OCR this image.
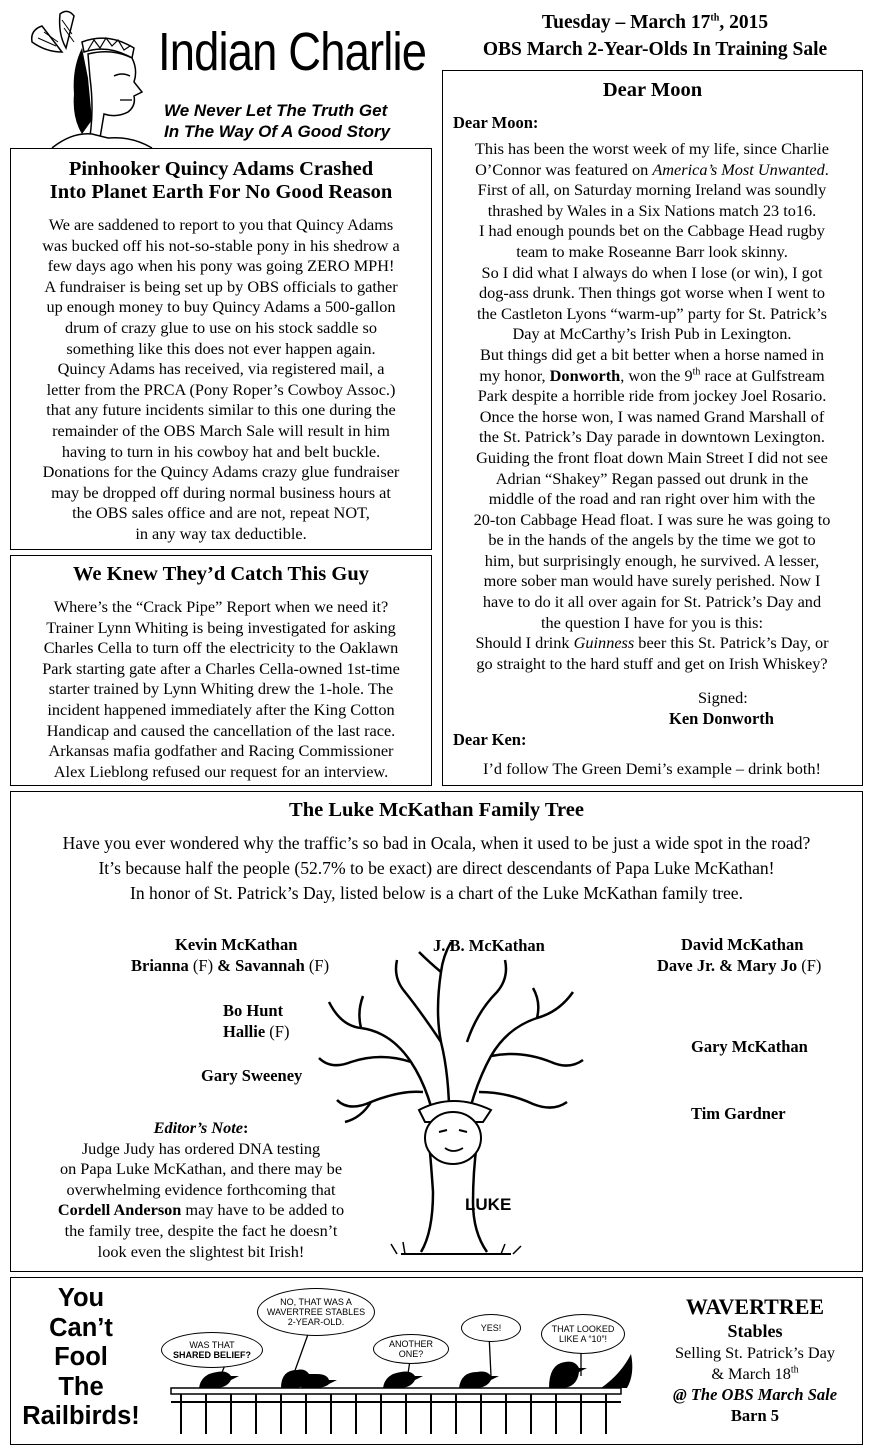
Indian Charlie
We Never Let The Truth Get
In The Way Of A Good Story
Tuesday – March 17th, 2015
OBS March 2-Year-Olds In Training Sale
Pinhooker Quincy Adams Crashed
Into Planet Earth For No Good Reason

We are saddened to report to you that Quincy Adams

was bucked off his not-so-stable pony in his shedrow a

few days ago when his pony was going ZERO MPH!

A fundraiser is being set up by OBS officials to gather

up enough money to buy Quincy Adams a 500-gallon

drum of crazy glue to use on his stock saddle so

something like this does not ever happen again.

Quincy Adams has received, via registered mail, a

letter from the PRCA (Pony Roper’s Cowboy Assoc.)

that any future incidents similar to this one during the

remainder of the OBS March Sale will result in him

having to turn in his cowboy hat and belt buckle.

Donations for the Quincy Adams crazy glue fundraiser

may be dropped off during normal business hours at

the OBS sales office and are not, repeat NOT,

in any way tax deductible.

We Knew They’d Catch This Guy

Where’s the “Crack Pipe” Report when we need it?

Trainer Lynn Whiting is being investigated for asking

Charles Cella to turn off the electricity to the Oaklawn

Park starting gate after a Charles Cella-owned 1st-time

starter trained by Lynn Whiting drew the 1-hole. The

incident happened immediately after the King Cotton

Handicap and caused the cancellation of the last race.

Arkansas mafia godfather and Racing Commissioner

Alex Lieblong refused our request for an interview.

Dear Moon
Dear Moon:

This has been the worst week of my life, since Charlie

O’Connor was featured on America’s Most Unwanted.

First of all, on Saturday morning Ireland was soundly

thrashed by Wales in a Six Nations match 23 to16.

I had enough pounds bet on the Cabbage Head rugby

team to make Roseanne Barr look skinny.

So I did what I always do when I lose (or win), I got

dog-ass drunk. Then things got worse when I went to

the Castleton Lyons “warm-up” party for St. Patrick’s

Day at McCarthy’s Irish Pub in Lexington.

But things did get a bit better when a horse named in

my honor, Donworth, won the 9th race at Gulfstream

Park despite a horrible ride from jockey Joel Rosario.

Once the horse won, I was named Grand Marshall of

the St. Patrick’s Day parade in downtown Lexington.

Guiding the front float down Main Street I did not see

Adrian “Shakey” Regan passed out drunk in the

middle of the road and ran right over him with the

20-ton Cabbage Head float. I was sure he was going to

be in the hands of the angels by the time we got to

him, but surprisingly enough, he survived. A lesser,

more sober man would have surely perished. Now I

have to do it all over again for St. Patrick’s Day and

the question I have for you is this:

Should I drink Guinness beer this St. Patrick’s Day, or

go straight to the hard stuff and get on Irish Whiskey?

Signed:
Ken Donworth
Dear Ken:
I’d follow The Green Demi’s example – drink both!
The Luke McKathan Family Tree
Have you ever wondered why the traffic’s so bad in Ocala, when it used to be just a wide spot in the road?
It’s because half the people (52.7% to be exact) are direct descendants of Papa Luke McKathan!
In honor of St. Patrick’s Day, listed below is a chart of the Luke McKathan family tree.
LUKE
Kevin McKathan
Brianna (F) & Savannah (F)
J. B. McKathan	David McKathan
Dave Jr. & Mary Jo (F)
Bo Hunt
Hallie (F)
Gary McKathan
Gary Sweeney
Tim Gardner
Editor’s Note:
Judge Judy has ordered DNA testing
on Papa Luke McKathan, and there may be
overwhelming evidence forthcoming that
Cordell Anderson may have to be added to
the family tree, despite the fact he doesn’t
look even the slightest bit Irish!
You
Can’t
Fool
The
Railbirds!
NO, THAT WAS A WAVERTREE STABLES 2-YEAR-OLD.
WAS THAT
SHARED BELIEF?
ANOTHER ONE?
YES!	THAT LOOKED LIKE A “10”!
WAVERTREE
Stables
Selling St. Patrick’s Day
& March 18th
@ The OBS March Sale
Barn 5
